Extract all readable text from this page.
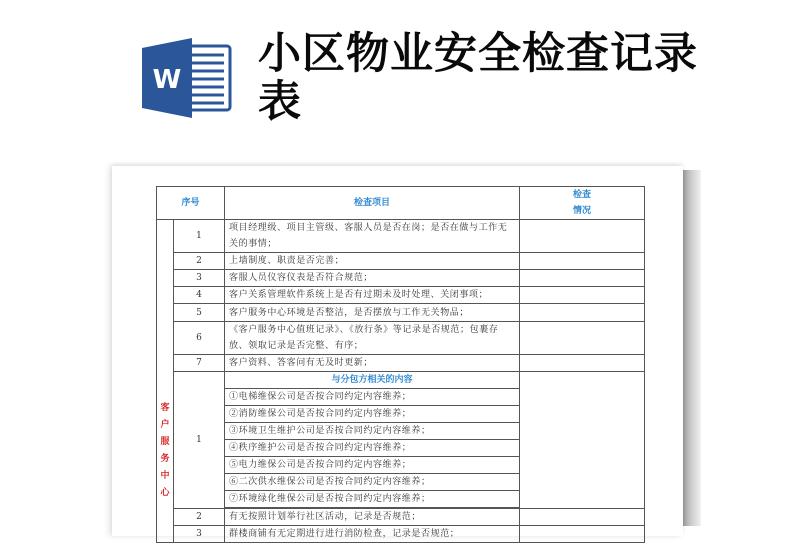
W
小区物业安全检查记录表
序号		检查项目	检查
情况

客
户
服
务
中
心
	1	项目经理级、项目主管级、客服人员是否在岗；是否在做与工作无关的事情；	
	2	上墙制度、职责是否完善；	
	3	客服人员仪容仪表是否符合规范；	
	4	客户关系管理软件系统上是否有过期未及时处理、关闭事项；	
	5	客户服务中心环境是否整洁，是否摆放与工作无关物品；	
	6	《客户服务中心值班记录》、《放行条》等记录是否规范；包裹存放、领取记录是否完整、有序；	
	7	客户资料、答客问有无及时更新；	
	1	与分包方相关的内容	
		①电梯维保公司是否按合同约定内容维养；	
		②消防维保公司是否按合同约定内容维养；	
		③环境卫生维护公司是否按合同约定内容维养；	
		④秩序维护公司是否按合同约定内容维养；	
		⑤电力维保公司是否按合同约定内容维养；	
		⑥二次供水维保公司是否按合同约定内容维养；	
		⑦环境绿化维保公司是否按合同约定内容维养；	

	2	有无按照计划举行社区活动，记录是否规范；	
	3	群楼商铺有无定期进行进行消防检查，记录是否规范；	
